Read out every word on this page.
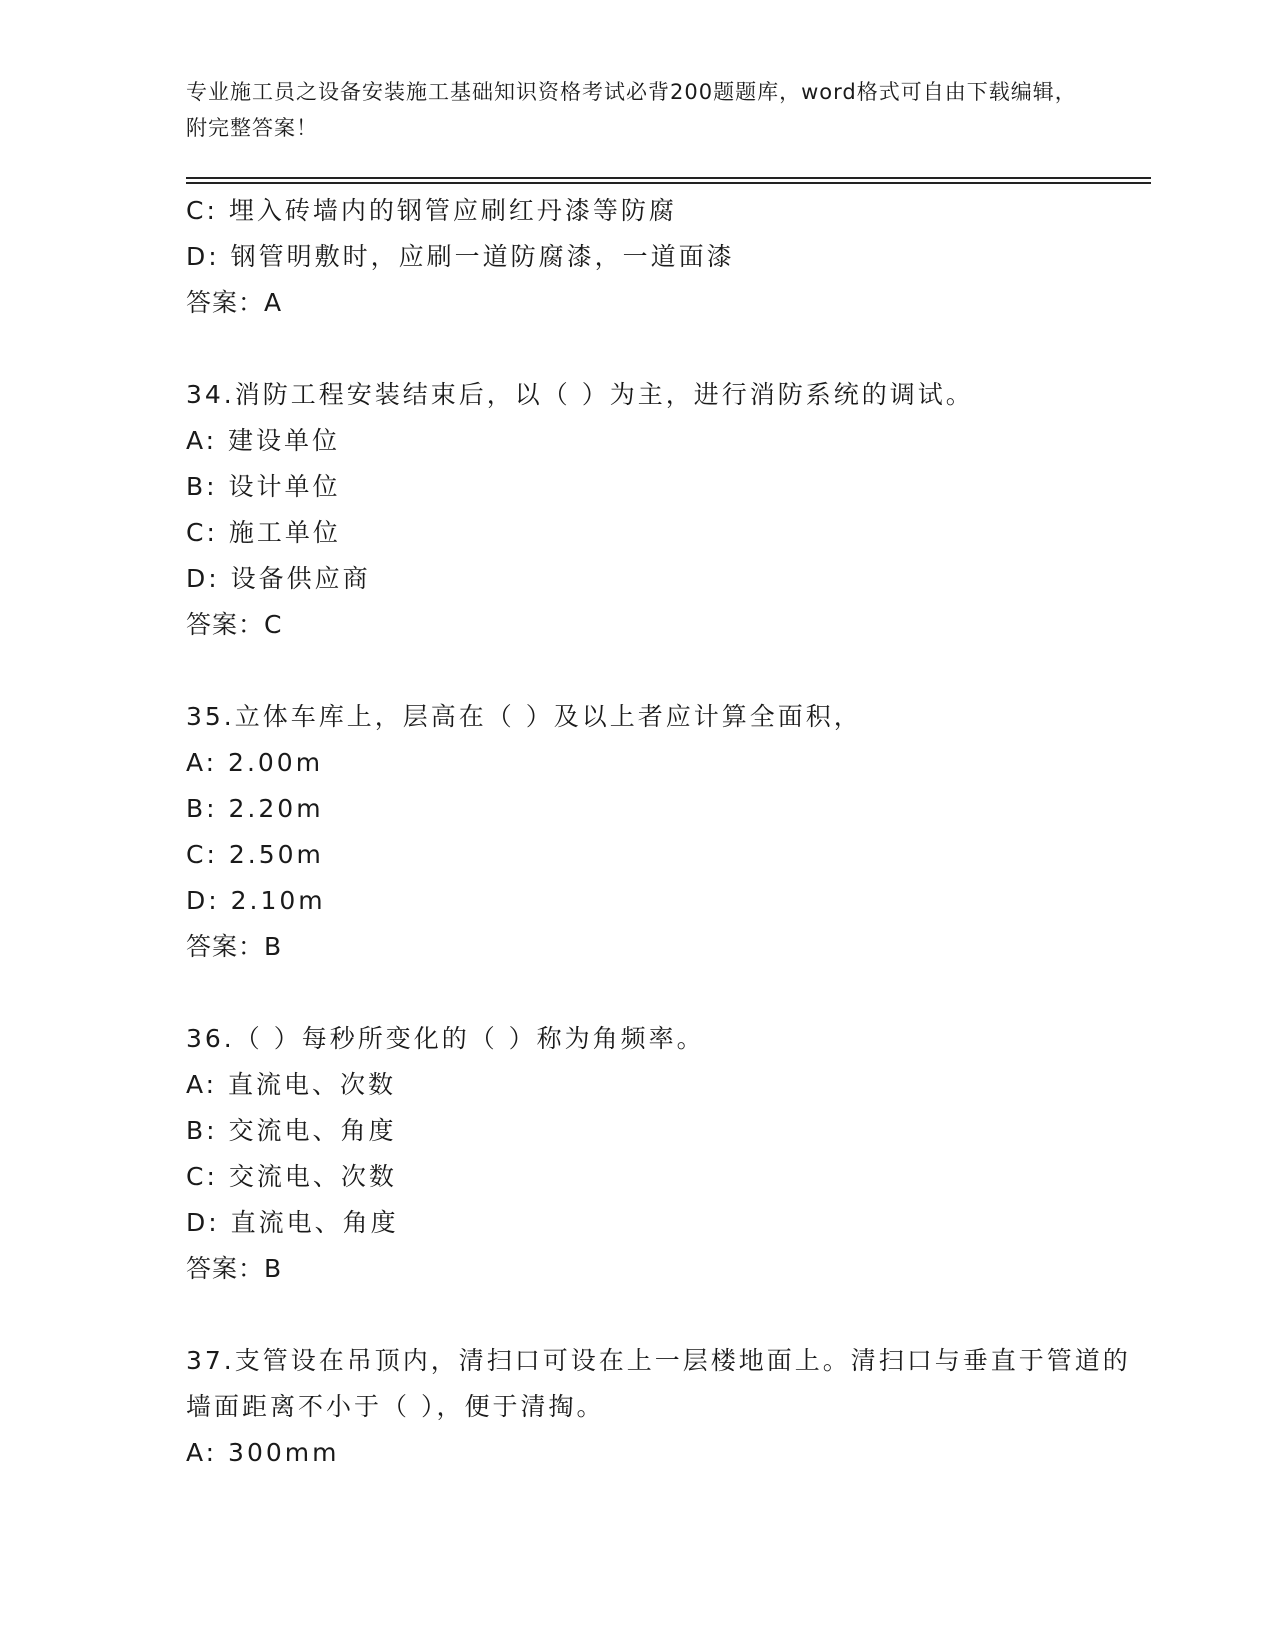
专业施工员之设备安装施工基础知识资格考试必背200题题库，word格式可自由下载编辑，附完整答案！
C: 埋入砖墙内的钢管应刷红丹漆等防腐
D: 钢管明敷时，应刷一道防腐漆，一道面漆
答案：A
34.消防工程安装结束后，以（ ）为主，进行消防系统的调试。
A: 建设单位
B: 设计单位
C: 施工单位
D: 设备供应商
答案：C
35.立体车库上，层高在（ ）及以上者应计算全面积，
A: 2.00m
B: 2.20m
C: 2.50m
D: 2.10m
答案：B
36.（ ）每秒所变化的（ ）称为角频率。
A: 直流电、次数
B: 交流电、角度
C: 交流电、次数
D: 直流电、角度
答案：B
37.支管设在吊顶内，清扫口可设在上一层楼地面上。清扫口与垂直于管道的墙面距离不小于（ ），便于清掏。
A: 300mm
